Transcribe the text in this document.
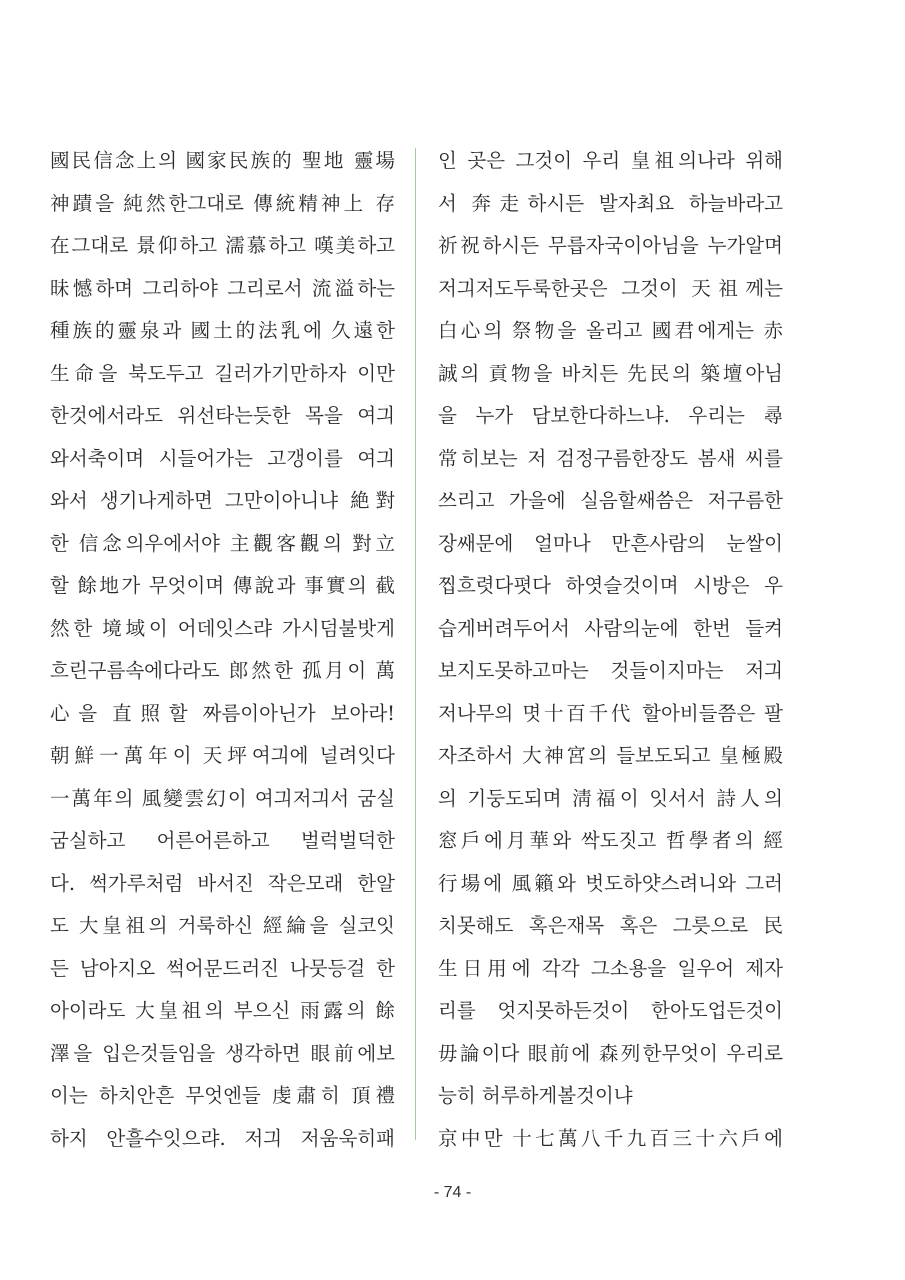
國民信念上의 國家民族的 聖地 靈場
神蹟을 純然한그대로 傳統精神上 存
在그대로 景仰하고 濡慕하고 嘆美하고
昧憾하며 그리하야 그리로서 流溢하는
種族的靈泉과 國土的法乳에 久遠한
生命을 북도두고 길러가기만하자 이만
한것에서라도 위선타는듯한 목을 여긔
와서축이며 시들어가는 고갱이를 여긔
와서 생기나게하면 그만이아니냐 絶對
한 信念의우에서야 主觀客觀의 對立
할 餘地가 무엇이며 傳說과 事實의 截
然한 境域이 어데잇스랴 가시덤불밧게
흐린구름속에다라도 郎然한 孤月이 萬
心을 直照할 짜름이아닌가 보아라!
朝鮮一萬年이 天坪여긔에 널려잇다
一萬年의 風變雲幻이 여긔저긔서 굼실
굼실하고 어른어른하고 벌럭벌덕한
다. 썩가루처럼 바서진 작은모래 한알
도 大皇祖의 거룩하신 經綸을 실코잇
든 남아지오 썩어문드러진 나뭇등걸 한
아이라도 大皇祖의 부으신 雨露의 餘
澤을 입은것들임을 생각하면 眼前에보
이는 하치안흔 무엇엔들 虔肅히 頂禮
하지 안흘수잇으랴. 저긔 저움욱히패
인 곳은 그것이 우리 皇祖의나라 위해
서 奔走하시든 발자최요 하늘바라고
祈祝하시든 무릅자국이아님을 누가알며
저긔저도두룩한곳은 그것이 天祖께는
白心의 祭物을 올리고 國君에게는 赤
誠의 貢物을 바치든 先民의 築壇아님
을 누가 담보한다하느냐. 우리는 尋
常히보는 저 검정구름한장도 봄새 씨를
쓰리고 가을에 실음할쌔씀은 저구름한
장쌔문에 얼마나 만흔사람의 눈쌀이
찝흐렷다폇다 하엿슬것이며 시방은 우
습게버려두어서 사람의눈에 한번 들켜
보지도못하고마는 것들이지마는 저긔
저나무의 몃十百千代 할아비들쯤은 팔
자조하서 大神宮의 들보도되고 皇極殿
의 기둥도되며 淸福이 잇서서 詩人의
窓戶에月華와 싹도짓고 哲學者의 經
行場에 風籟와 벗도하얏스려니와 그러
치못해도 혹은재목 혹은 그릇으로 民
生日用에 각각 그소용을 일우어 제자
리를 엇지못하든것이 한아도업든것이
毋論이다 眼前에 森列한무엇이 우리로
능히 허루하게볼것이냐
京中만 十七萬八千九百三十六戶에
- 74 -
